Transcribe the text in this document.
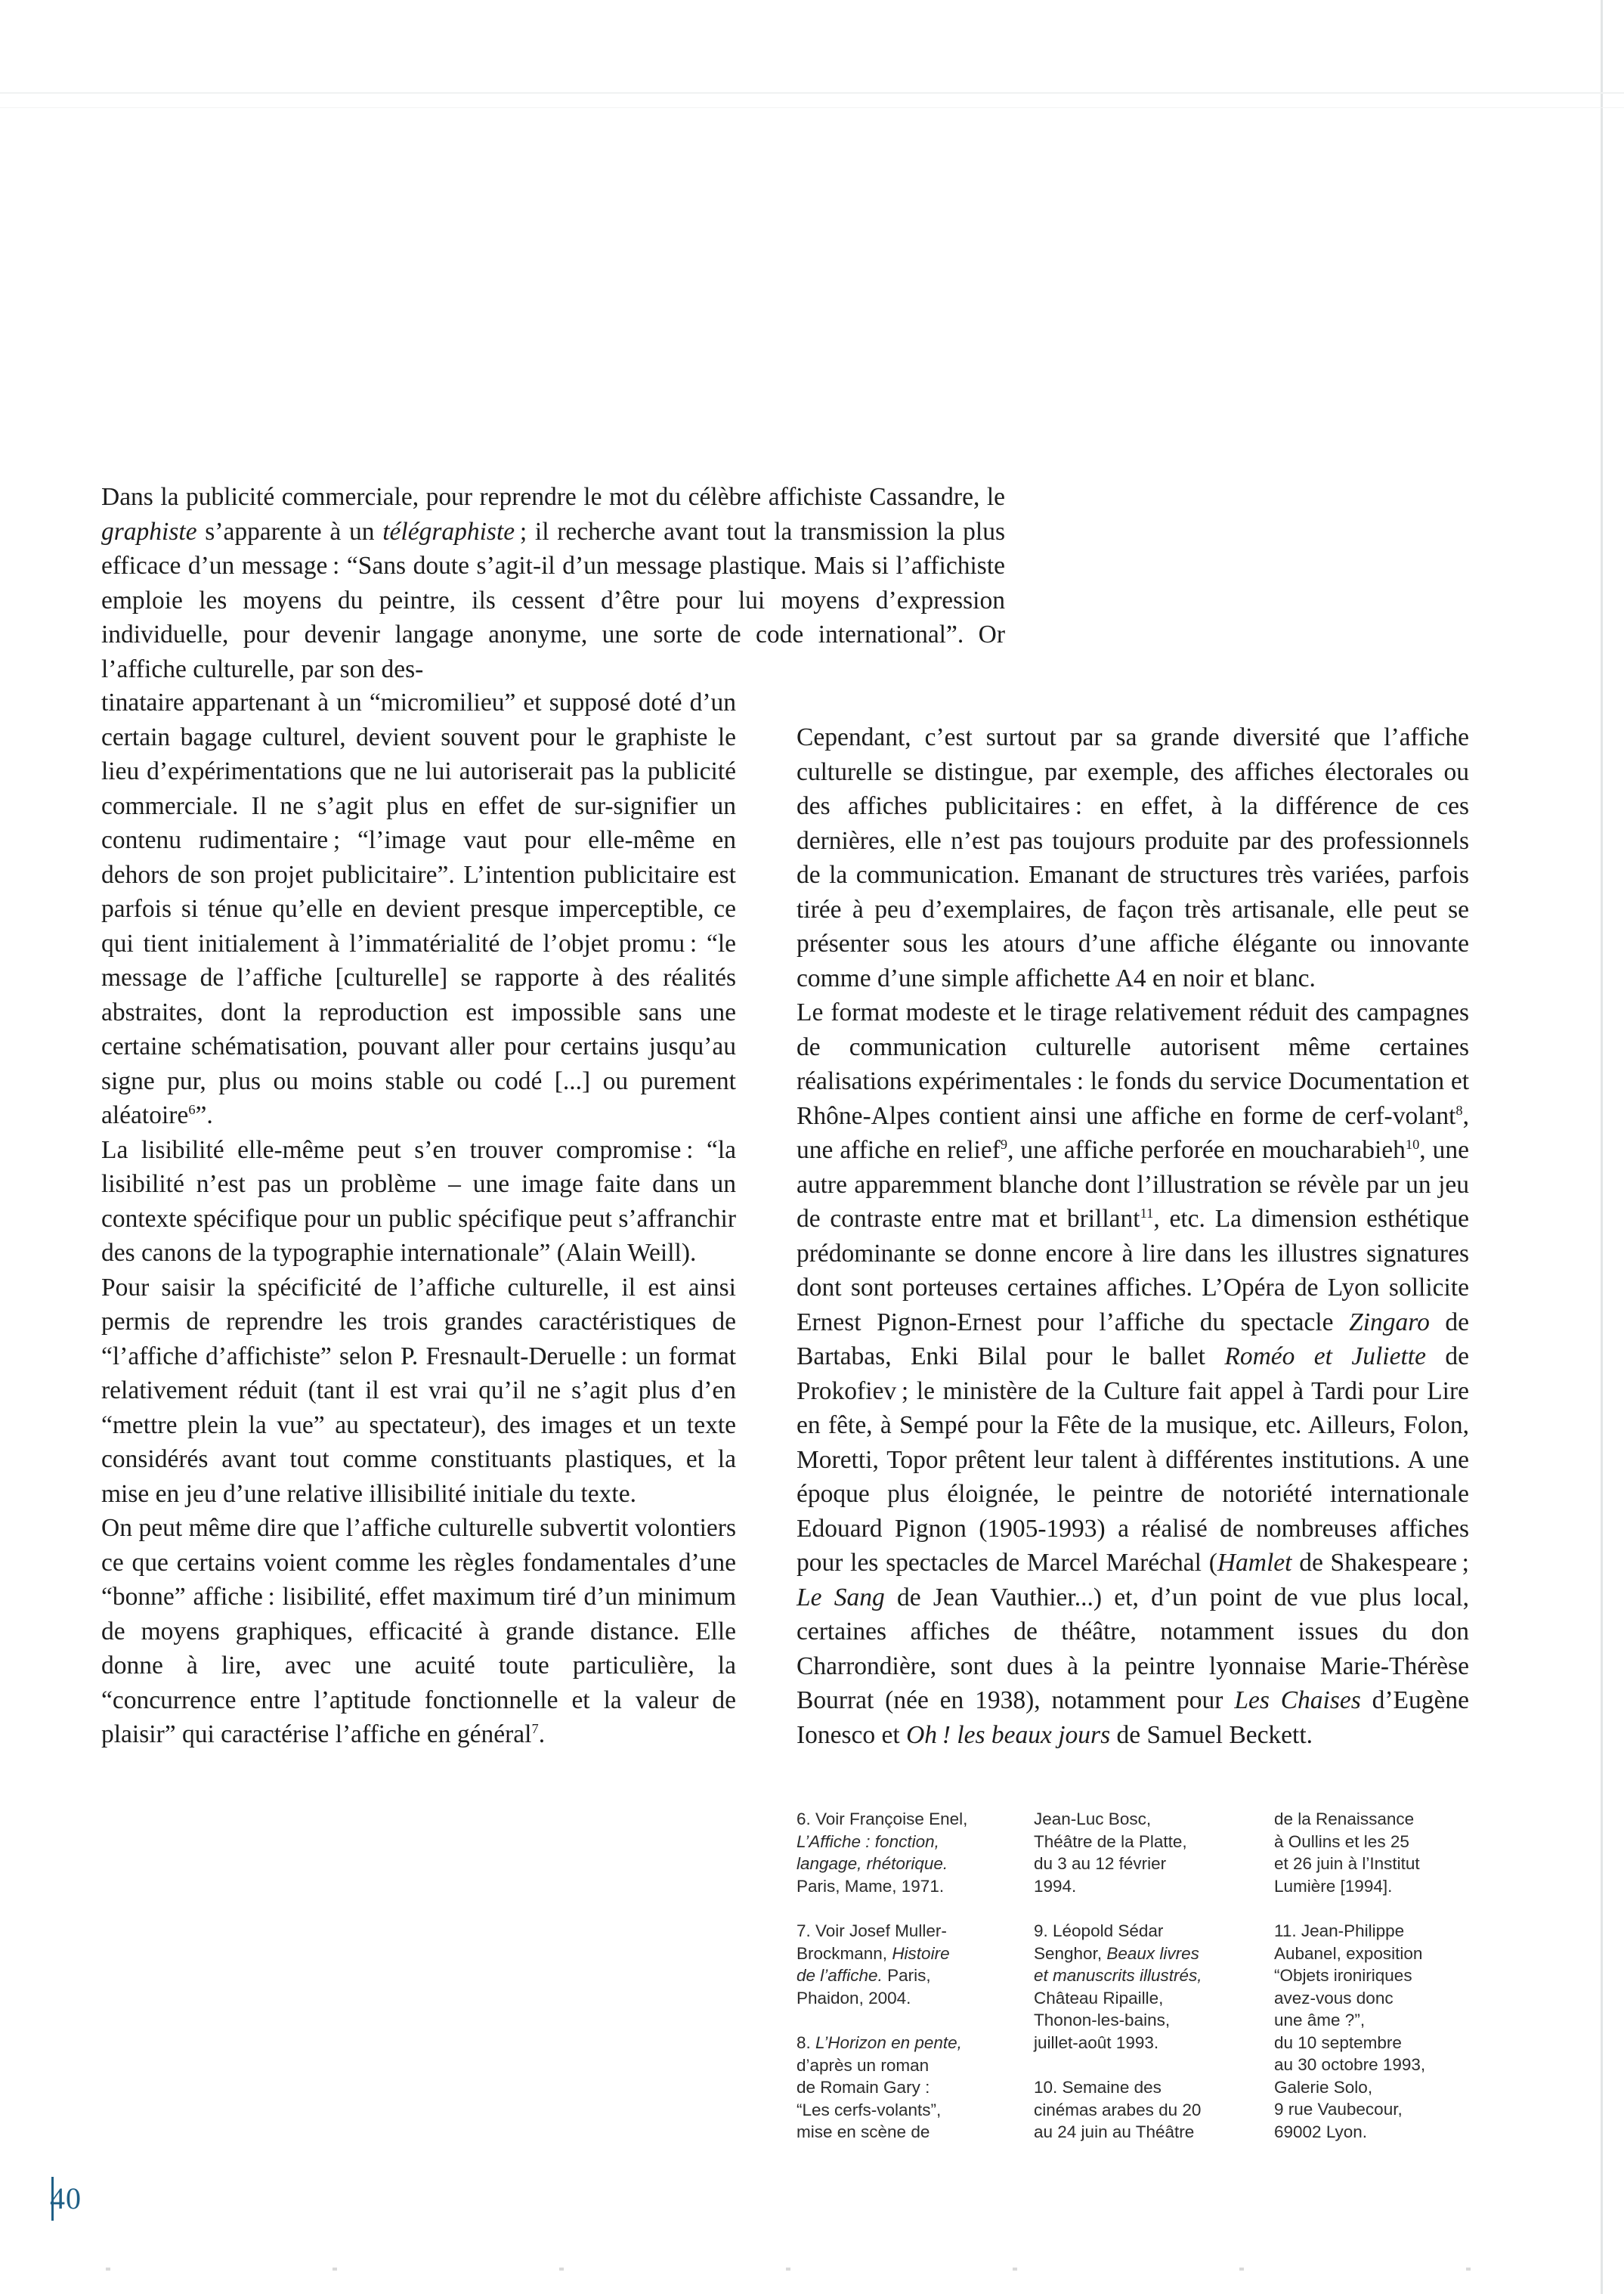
Dans la publicité commerciale, pour reprendre le mot du célèbre affichiste Cassandre, le graphiste s’apparente à un télégraphiste ; il recherche avant tout la transmission la plus efficace d’un message : “Sans doute s’agit-il d’un message plastique. Mais si l’affichiste emploie les moyens du peintre, ils cessent d’être pour lui moyens d’expression individuelle, pour devenir langage anonyme, une sorte de code international”. Or l’affiche culturelle, par son des-
tinataire appartenant à un “micromilieu” et supposé doté d’un certain bagage culturel, devient souvent pour le graphiste le lieu d’expérimentations que ne lui autoriserait pas la publicité commerciale. Il ne s’agit plus en effet de sur-signifier un contenu rudimentaire ; “l’image vaut pour elle-même en dehors de son projet publicitaire”. L’intention publicitaire est parfois si ténue qu’elle en devient presque imperceptible, ce qui tient initialement à l’immatérialité de l’objet promu : “le message de l’affiche [culturelle] se rapporte à des réalités abstraites, dont la reproduction est impossible sans une certaine schématisation, pouvant aller pour certains jusqu’au signe pur, plus ou moins stable ou codé [...] ou purement aléatoire$^6$”.
La lisibilité elle-même peut s’en trouver compromise : “la lisibilité n’est pas un problème – une image faite dans un contexte spécifique pour un public spécifique peut s’affranchir des canons de la typographie internationale” (Alain Weill).
Pour saisir la spécificité de l’affiche culturelle, il est ainsi permis de reprendre les trois grandes caractéristiques de “l’affiche d’affichiste” selon P. Fresnault-Deruelle : un format relativement réduit (tant il est vrai qu’il ne s’agit plus d’en “mettre plein la vue” au spectateur), des images et un texte considérés avant tout comme constituants plastiques, et la mise en jeu d’une relative illisibilité initiale du texte.
On peut même dire que l’affiche culturelle subvertit volontiers ce que certains voient comme les règles fondamentales d’une “bonne” affiche : lisibilité, effet maximum tiré d’un minimum de moyens graphiques, efficacité à grande distance. Elle donne à lire, avec une acuité toute particulière, la “concurrence entre l’aptitude fonctionnelle et la valeur de plaisir” qui caractérise l’affiche en général$^7$.
Cependant, c’est surtout par sa grande diversité que l’affiche culturelle se distingue, par exemple, des affiches électorales ou des affiches publicitaires : en effet, à la différence de ces dernières, elle n’est pas toujours produite par des professionnels de la communication. Emanant de structures très variées, parfois tirée à peu d’exemplaires, de façon très artisanale, elle peut se présenter sous les atours d’une affiche élégante ou innovante comme d’une simple affichette A4 en noir et blanc.
Le format modeste et le tirage relativement réduit des campagnes de communication culturelle autorisent même certaines réalisations expérimentales : le fonds du service Documentation et Rhône-Alpes contient ainsi une affiche en forme de cerf-volant$^8$, une affiche en relief$^9$, une affiche perforée en moucharabieh$^{10}$, une autre apparemment blanche dont l’illustration se révèle par un jeu de contraste entre mat et brillant$^{11}$, etc. La dimension esthétique prédominante se donne encore à lire dans les illustres signatures dont sont porteuses certaines affiches. L’Opéra de Lyon sollicite Ernest Pignon-Ernest pour l’affiche du spectacle Zingaro de Bartabas, Enki Bilal pour le ballet Roméo et Juliette de Prokofiev ; le ministère de la Culture fait appel à Tardi pour Lire en fête, à Sempé pour la Fête de la musique, etc. Ailleurs, Folon, Moretti, Topor prêtent leur talent à différentes institutions. A une époque plus éloignée, le peintre de notoriété internationale Edouard Pignon (1905-1993) a réalisé de nombreuses affiches pour les spectacles de Marcel Maréchal (Hamlet de Shakespeare ; Le Sang de Jean Vauthier...) et, d’un point de vue plus local, certaines affiches de théâtre, notamment issues du don Charrondière, sont dues à la peintre lyonnaise Marie-Thérèse Bourrat (née en 1938), notamment pour Les Chaises d’Eugène Ionesco et Oh ! les beaux jours de Samuel Beckett.

6. Voir Françoise Enel,
L’Affiche : fonction,
langage, rhétorique.
Paris, Mame, 1971.

7. Voir Josef Muller-
Brockmann, Histoire
de l’affiche. Paris,
Phaidon, 2004.

8. L’Horizon en pente,
d’après un roman
de Romain Gary :
“Les cerfs-volants”,
mise en scène de

Jean-Luc Bosc,
Théâtre de la Platte,
du 3 au 12 février
1994.

9. Léopold Sédar
Senghor, Beaux livres
et manuscrits illustrés,
Château Ripaille,
Thonon-les-bains,
juillet-août 1993.

10. Semaine des
cinémas arabes du 20
au 24 juin au Théâtre

de la Renaissance
à Oullins et les 25
et 26 juin à l’Institut
Lumière [1994].

11. Jean-Philippe
Aubanel, exposition
“Objets ironiriques
avez-vous donc
une âme ?”,
du 10 septembre
au 30 octobre 1993,
Galerie Solo,
9 rue Vaubecour,
69002 Lyon.

40
